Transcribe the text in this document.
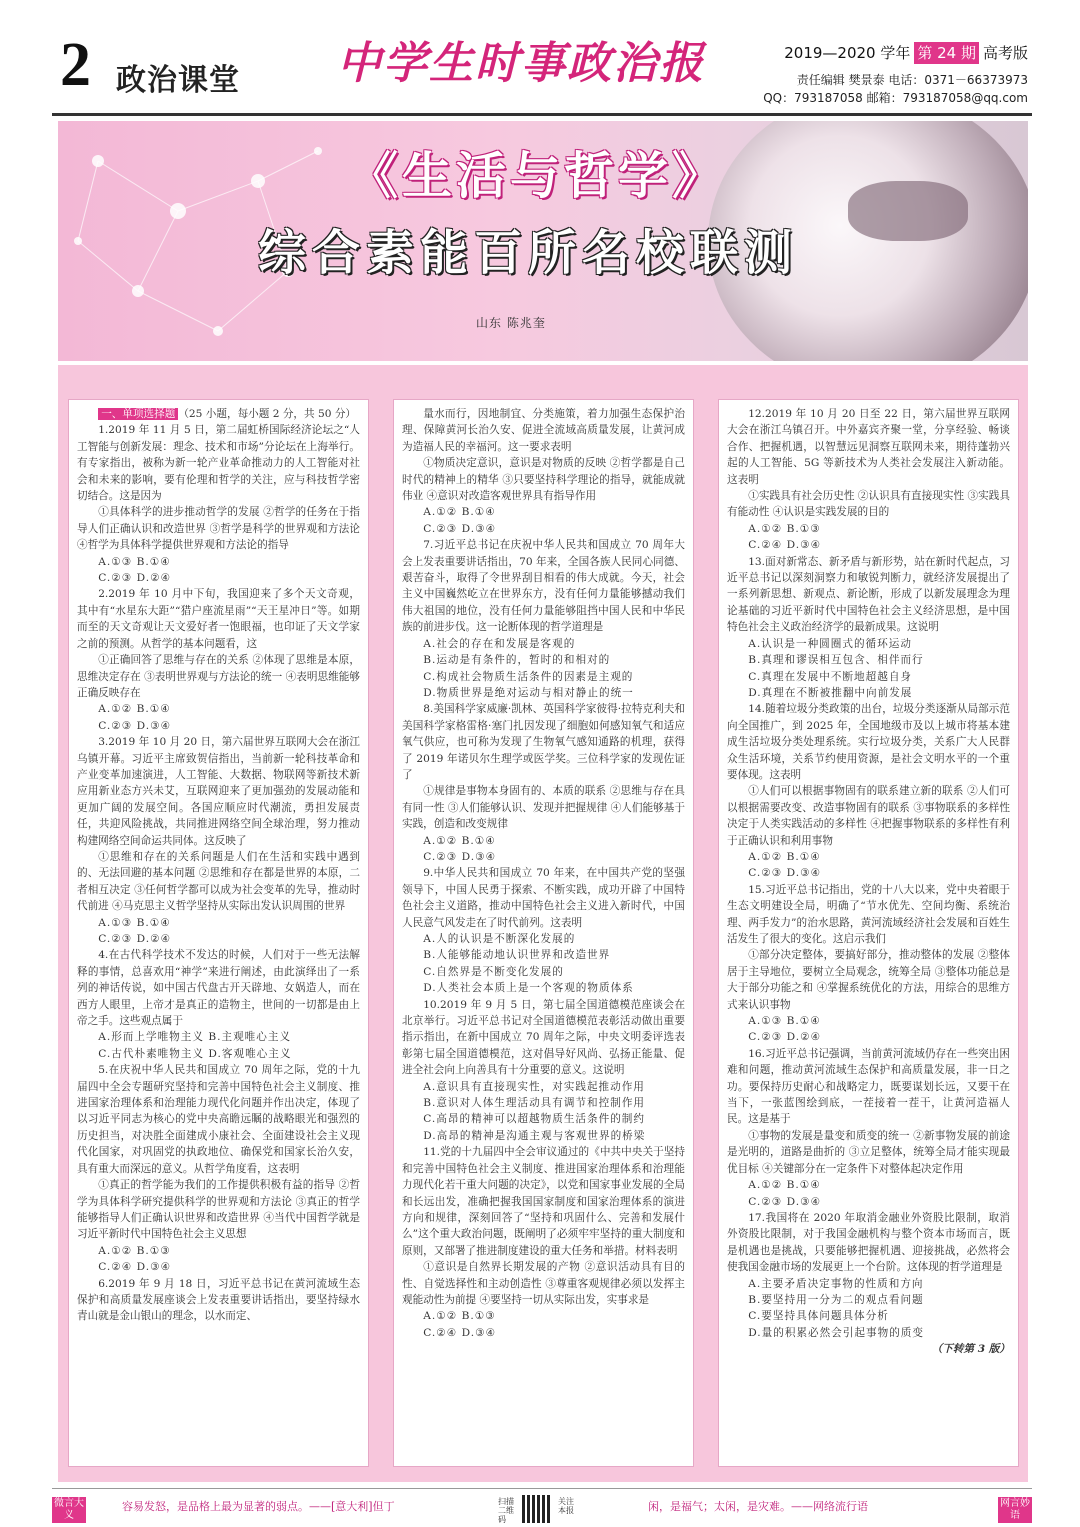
2 政治课堂 中学生时事政治报	2019—2020 学年 第 24 期 高考版
责任编辑 樊景泰 电话：0371－66373973
QQ：793187058 邮箱：793187058@qq.com
《生活与哲学》
综合素能百所名校联测
山东 陈兆奎

一、单项选择题 （25 小题，每小题 2 分，共 50 分）

1.2019 年 11 月 5 日，第二届虹桥国际经济论坛之“人工智能与创新发展：理念、技术和市场”分论坛在上海举行。有专家指出，被称为新一轮产业革命推动力的人工智能对社会和未来的影响，要有伦理和哲学的关注，应与科技哲学密切结合。这是因为

①具体科学的进步推动哲学的发展 ②哲学的任务在于指导人们正确认识和改造世界 ③哲学是科学的世界观和方法论 ④哲学为具体科学提供世界观和方法论的指导

A.①③ B.①④

C.②③ D.②④

2.2019 年 10 月中下旬，我国迎来了多个天文奇观，其中有“水星东大距”“猎户座流星雨”“天王星冲日”等。如期而至的天文奇观让天文爱好者一饱眼福，也印证了天文学家之前的预测。从哲学的基本问题看，这

①正确回答了思维与存在的关系 ②体现了思维是本原，思维决定存在 ③表明世界观与方法论的统一 ④表明思维能够正确反映存在

A.①② B.①④

C.②③ D.③④

3.2019 年 10 月 20 日，第六届世界互联网大会在浙江乌镇开幕。习近平主席致贺信指出，当前新一轮科技革命和产业变革加速演进，人工智能、大数据、物联网等新技术新应用新业态方兴未艾，互联网迎来了更加强劲的发展动能和更加广阔的发展空间。各国应顺应时代潮流，勇担发展责任，共迎风险挑战，共同推进网络空间全球治理，努力推动构建网络空间命运共同体。这反映了

①思维和存在的关系问题是人们在生活和实践中遇到的、无法回避的基本问题 ②思维和存在都是世界的本原，二者相互决定 ③任何哲学都可以成为社会变革的先导，推动时代前进 ④马克思主义哲学坚持从实际出发认识周围的世界

A.①③ B.①④

C.②③ D.②④

4.在古代科学技术不发达的时候，人们对于一些无法解释的事情，总喜欢用“神学”来进行阐述，由此演绎出了一系列的神话传说，如中国古代盘古开天辟地、女娲造人，而在西方人眼里，上帝才是真正的造物主，世间的一切都是由上帝之手。这些观点属于

A.形而上学唯物主义 B.主观唯心主义

C.古代朴素唯物主义 D.客观唯心主义

5.在庆祝中华人民共和国成立 70 周年之际，党的十九届四中全会专题研究坚持和完善中国特色社会主义制度、推进国家治理体系和治理能力现代化问题并作出决定，体现了以习近平同志为核心的党中央高瞻远瞩的战略眼光和强烈的历史担当，对决胜全面建成小康社会、全面建设社会主义现代化国家，对巩固党的执政地位、确保党和国家长治久安，具有重大而深远的意义。从哲学角度看，这表明

①真正的哲学能为我们的工作提供积极有益的指导 ②哲学为具体科学研究提供科学的世界观和方法论 ③真正的哲学能够指导人们正确认识世界和改造世界 ④当代中国哲学就是习近平新时代中国特色社会主义思想

A.①② B.①③

C.②④ D.③④

6.2019 年 9 月 18 日，习近平总书记在黄河流域生态保护和高质量发展座谈会上发表重要讲话指出，要坚持绿水青山就是金山银山的理念，以水而定、

量水而行，因地制宜、分类施策，着力加强生态保护治理、保障黄河长治久安、促进全流域高质量发展，让黄河成为造福人民的幸福河。这一要求表明

①物质决定意识，意识是对物质的反映 ②哲学都是自己时代的精神上的精华 ③只要坚持科学理论的指导，就能成就伟业 ④意识对改造客观世界具有指导作用

A.①② B.①④

C.②③ D.③④

7.习近平总书记在庆祝中华人民共和国成立 70 周年大会上发表重要讲话指出，70 年来，全国各族人民同心同德、艰苦奋斗，取得了令世界刮目相看的伟大成就。今天，社会主义中国巍然屹立在世界东方，没有任何力量能够撼动我们伟大祖国的地位，没有任何力量能够阻挡中国人民和中华民族的前进步伐。这一论断体现的哲学道理是

A.社会的存在和发展是客观的

B.运动是有条件的，暂时的和相对的

C.构成社会物质生活条件的因素是主观的

D.物质世界是绝对运动与相对静止的统一

8.美国科学家威廉·凯林、英国科学家彼得·拉特克利夫和美国科学家格雷格·塞门扎因发现了细胞如何感知氧气和适应氧气供应，也可称为发现了生物氧气感知通路的机理，获得了 2019 年诺贝尔生理学或医学奖。三位科学家的发现佐证了

①规律是事物本身固有的、本质的联系 ②思维与存在具有同一性 ③人们能够认识、发现并把握规律 ④人们能够基于实践，创造和改变规律

A.①② B.①④

C.②③ D.③④

9.中华人民共和国成立 70 年来，在中国共产党的坚强领导下，中国人民勇于探索、不断实践，成功开辟了中国特色社会主义道路，推动中国特色社会主义进入新时代，中国人民意气风发走在了时代前列。这表明

A.人的认识是不断深化发展的

B.人能够能动地认识世界和改造世界

C.自然界是不断变化发展的

D.人类社会本质上是一个客观的物质体系

10.2019 年 9 月 5 日，第七届全国道德模范座谈会在北京举行。习近平总书记对全国道德模范表彰活动做出重要指示指出，在新中国成立 70 周年之际，中央文明委评选表彰第七届全国道德模范，这对倡导好风尚、弘扬正能量、促进全社会向上向善具有十分重要的意义。这说明

A.意识具有直接现实性，对实践起推动作用

B.意识对人体生理活动具有调节和控制作用

C.高昂的精神可以超越物质生活条件的制约

D.高昂的精神是沟通主观与客观世界的桥梁

11.党的十九届四中全会审议通过的《中共中央关于坚持和完善中国特色社会主义制度、推进国家治理体系和治理能力现代化若干重大问题的决定》，以党和国家事业发展的全局和长远出发，准确把握我国国家制度和国家治理体系的演进方向和规律，深刻回答了“坚持和巩固什么、完善和发展什么”这个重大政治问题，既阐明了必须牢牢坚持的重大制度和原则，又部署了推进制度建设的重大任务和举措。材料表明

①意识是自然界长期发展的产物 ②意识活动具有目的性、自觉选择性和主动创造性 ③尊重客观规律必须以发挥主观能动性为前提 ④要坚持一切从实际出发，实事求是

A.①② B.①③

C.②④ D.③④

12.2019 年 10 月 20 日至 22 日，第六届世界互联网大会在浙江乌镇召开。中外嘉宾齐聚一堂，分享经验、畅谈合作、把握机遇，以智慧远见洞察互联网未来，期待蓬勃兴起的人工智能、5G 等新技术为人类社会发展注入新动能。这表明

①实践具有社会历史性 ②认识具有直接现实性 ③实践具有能动性 ④认识是实践发展的目的

A.①② B.①③

C.②④ D.③④

13.面对新常态、新矛盾与新形势，站在新时代起点，习近平总书记以深刻洞察力和敏锐判断力，就经济发展提出了一系列新思想、新观点、新论断，形成了以新发展理念为理论基础的习近平新时代中国特色社会主义经济思想，是中国特色社会主义政治经济学的最新成果。这说明

A.认识是一种圆圈式的循环运动

B.真理和谬误相互包含、相伴而行

C.真理在发展中不断地超越自身

D.真理在不断被推翻中向前发展

14.随着垃圾分类政策的出台，垃圾分类逐渐从局部示范向全国推广，到 2025 年，全国地级市及以上城市将基本建成生活垃圾分类处理系统。实行垃圾分类，关系广大人民群众生活环境，关系节约使用资源，是社会文明水平的一个重要体现。这表明

①人们可以根据事物固有的联系建立新的联系 ②人们可以根据需要改变、改造事物固有的联系 ③事物联系的多样性决定于人类实践活动的多样性 ④把握事物联系的多样性有利于正确认识和利用事物

A.①② B.①④

C.②③ D.③④

15.习近平总书记指出，党的十八大以来，党中央着眼于生态文明建设全局，明确了“节水优先、空间均衡、系统治理、两手发力”的治水思路，黄河流域经济社会发展和百姓生活发生了很大的变化。这启示我们

①部分决定整体，要搞好部分，推动整体的发展 ②整体居于主导地位，要树立全局观念，统筹全局 ③整体功能总是大于部分功能之和 ④掌握系统优化的方法，用综合的思维方式来认识事物

A.①③ B.①④

C.②③ D.②④

16.习近平总书记强调，当前黄河流域仍存在一些突出困难和问题，推动黄河流域生态保护和高质量发展，非一日之功。要保持历史耐心和战略定力，既要谋划长远，又要干在当下，一张蓝图绘到底，一茬接着一茬干，让黄河造福人民。这是基于

①事物的发展是量变和质变的统一 ②新事物发展的前途是光明的，道路是曲折的 ③立足整体，统筹全局才能实现最优目标 ④关键部分在一定条件下对整体起决定作用

A.①② B.①④

C.②③ D.③④

17.我国将在 2020 年取消金融业外资股比限制，取消外资股比限制，对于我国金融机构与整个资本市场而言，既是机遇也是挑战，只要能够把握机遇、迎接挑战，必然将会使我国金融市场的发展更上一个台阶。这体现的哲学道理是

A.主要矛盾决定事物的性质和方向

B.要坚持用一分为二的观点看问题

C.要坚持具体问题具体分析

D.量的积累必然会引起事物的质变

（下转第 3 版）

微言大义
容易发怒，是品格上最为显著的弱点。——[意大利]但丁	扫描二维码
关注本报	闲，是福气；太闲，是灾难。——网络流行语	网言妙语
